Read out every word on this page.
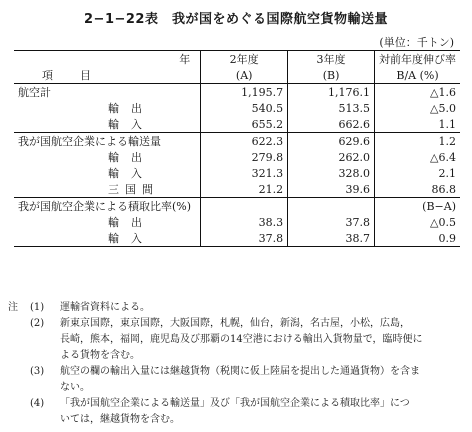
2−1−22表　我が国をめぐる国際航空貨物輸送量
(単位：千トン)
年	2年度	3年度	対前年度伸び率

項　目	(A)	(B)	B/A (%)
航空計	1,195.7	1,176.1	△1.6
輸出	540.5	513.5	△5.0
輸入	655.2	662.6	1.1
我が国航空企業による輸送量	622.3	629.6	1.2
輸出	279.8	262.0	△6.4
輸入	321.3	328.0	2.1
三国間	21.2	39.6	86.8
我が国航空企業による積取比率(%)			(B−A)
輸出	38.3	37.8	△0.5
輸入	37.8	38.7	0.9
注	(1)	運輸省資料による。
(2)	新東京国際，東京国際，大阪国際，札幌，仙台，新潟，名古屋，小松，広島，
長崎，熊本，福岡，鹿児島及び那覇の14空港における輸出入貨物量で，臨時便に
よる貨物を含む。
(3)	航空の欄の輸出入量には継越貨物（税関に仮上陸届を提出した通過貨物）を含ま
ない。
(4)	「我が国航空企業による輸送量」及び「我が国航空企業による積取比率」につ
いては，継越貨物を含む。
